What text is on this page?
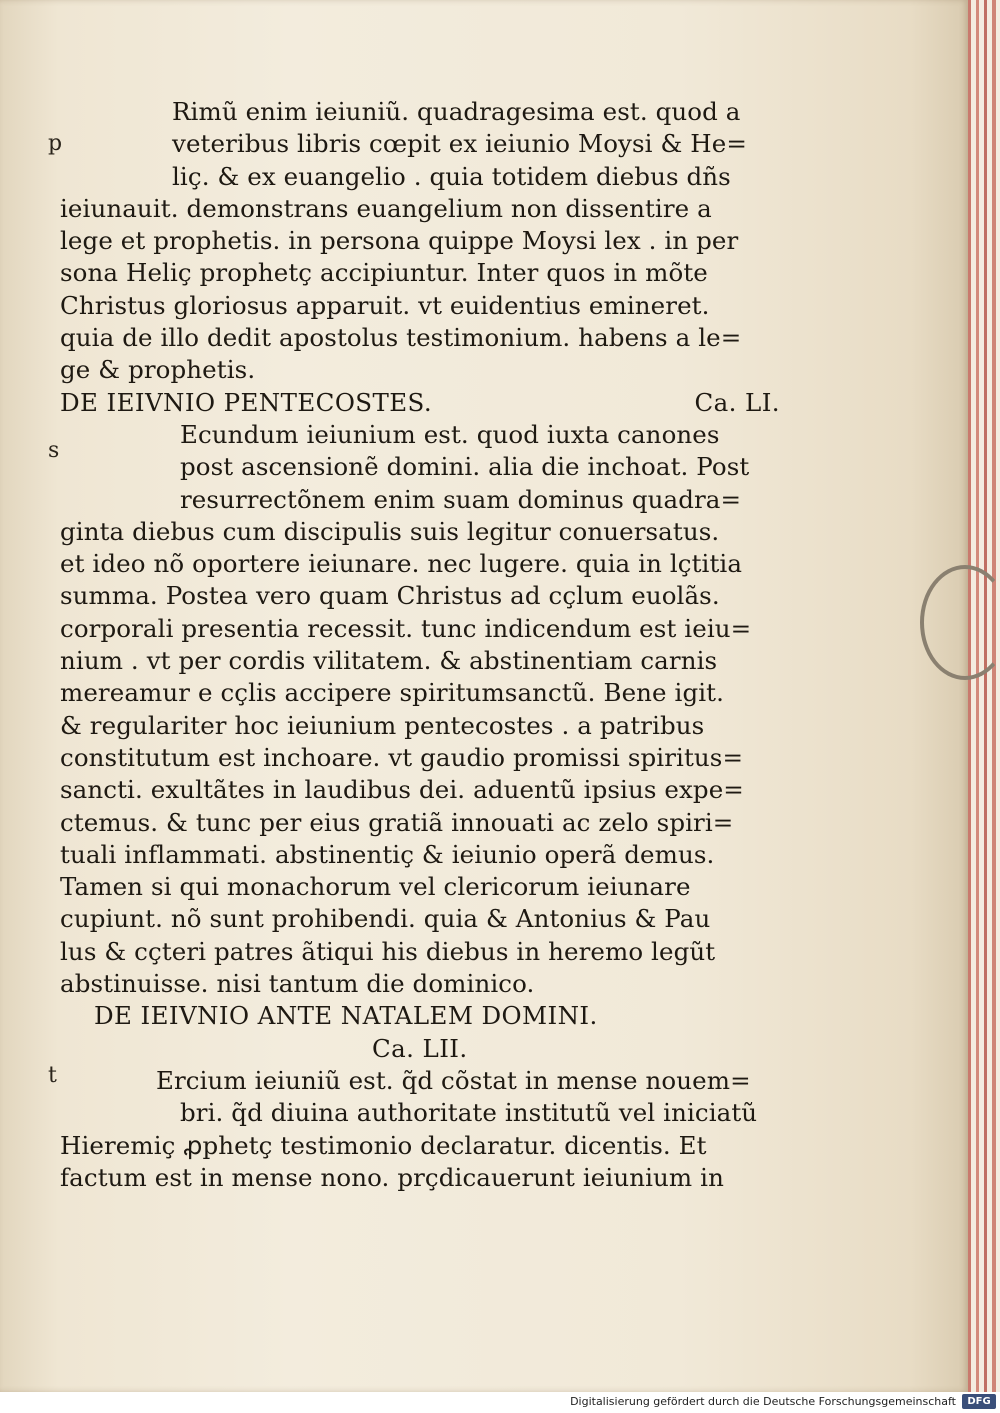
p
s
t
Rimũ enim ieiuniũ. quadragesima est. quod a
veteribus libris cœpit ex ieiunio Moysi & He=
liç. & ex euangelio . quia totidem diebus dñs
ieiunauit. demonstrans euangelium non dissentire a
lege et prophetis. in persona quippe Moysi lex . in per
sona Heliç prophetç accipiuntur. Inter quos in mõte
Christus gloriosus apparuit. vt euidentius emineret.
quia de illo dedit apostolus testimonium. habens a le=
ge & prophetis.
DE IEIVNIO PENTECOSTES.	Ca. LI.
Ecundum ieiunium est. quod iuxta canones
post ascensionẽ domini. alia die inchoat. Post
resurrectõnem enim suam dominus quadra=
ginta diebus cum discipulis suis legitur conuersatus.
et ideo nõ oportere ieiunare. nec lugere. quia in lçtitia
summa. Postea vero quam Christus ad cçlum euolãs.
corporali presentia recessit. tunc indicendum est ieiu=
nium . vt per cordis vilitatem. & abstinentiam carnis
mereamur e cçlis accipere spiritumsanctũ. Bene igit.
& regulariter hoc ieiunium pentecostes . a patribus
constitutum est inchoare. vt gaudio promissi spiritus=
sancti. exultãtes in laudibus dei. aduentũ ipsius expe=
ctemus. & tunc per eius gratiã innouati ac zelo spiri=
tuali inflammati. abstinentiç & ieiunio operã demus.
Tamen si qui monachorum vel clericorum ieiunare
cupiunt. nõ sunt prohibendi. quia & Antonius & Pau
lus & cçteri patres ãtiqui his diebus in heremo legũt
abstinuisse. nisi tantum die dominico.
DE IEIVNIO ANTE NATALEM DOMINI.
Ca. LII.
Ercium ieiuniũ est. q̃d cõstat in mense nouem=
bri. q̃d diuina authoritate institutũ vel iniciatũ
Hieremiç ꝓphetç testimonio declaratur. dicentis. Et
factum est in mense nono. prçdicauerunt ieiunium in
Digitalisierung gefördert durch die Deutsche Forschungsgemeinschaft	DFG
